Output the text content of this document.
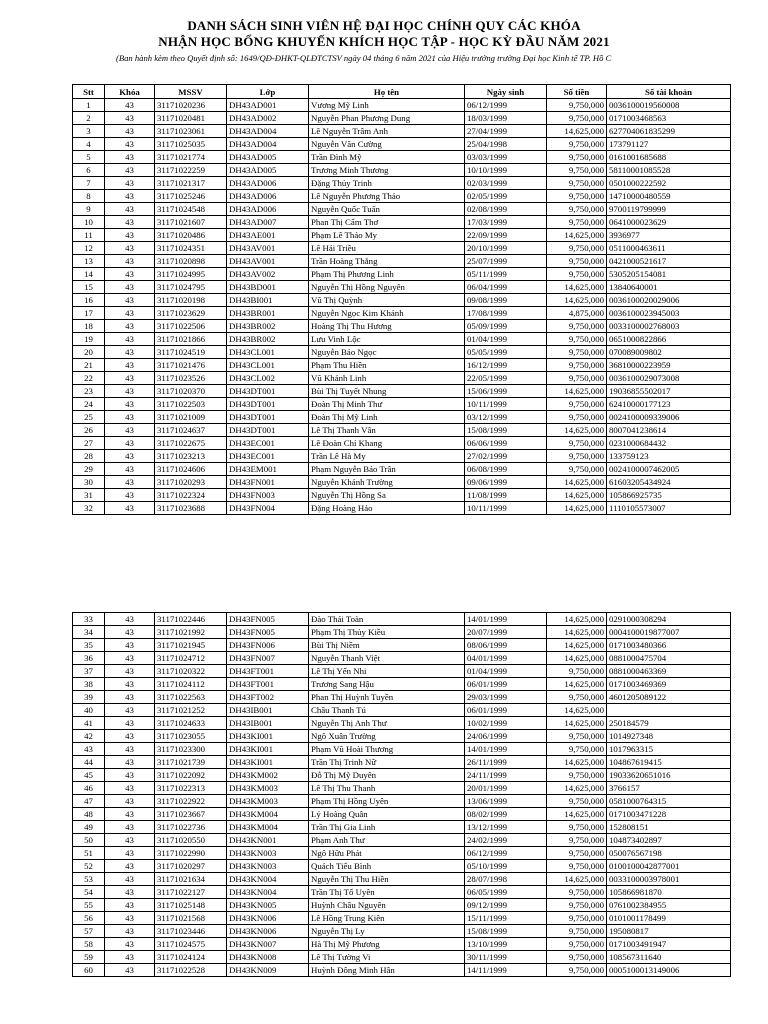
DANH SÁCH SINH VIÊN HỆ ĐẠI HỌC CHÍNH QUY CÁC KHÓA
NHẬN HỌC BỔNG KHUYẾN KHÍCH HỌC TẬP - HỌC KỲ ĐẦU NĂM 2021
(Ban hành kèm theo Quyết định số: 1649/QĐ-ĐHKT-QLĐTCTSV ngày 04 tháng 6 năm 2021 của Hiệu trưởng trường Đại học Kinh tế TP. Hồ C
Stt	Khóa	MSSV	Lớp	Họ tên	Ngày sinh	Số tiền	Số tài khoản
1	43	31171020236	DH43AD001	Vương Mỹ Linh	06/12/1999	9,750,000	0036100019560008
2	43	31171020481	DH43AD002	Nguyễn Phan Phương Dung	18/03/1999	9,750,000	0171003468563
3	43	31171023061	DH43AD004	Lê Nguyễn Trâm Anh	27/04/1999	14,625,000	627704061835299
4	43	31171025035	DH43AD004	Nguyễn Văn Cường	25/04/1998	9,750,000	173791127
5	43	31171021774	DH43AD005	Trần Đình Mỹ	03/03/1999	9,750,000	0161001685688
6	43	31171022259	DH43AD005	Trương Minh Thương	10/10/1999	9,750,000	58110001085528
7	43	31171021317	DH43AD006	Đặng Thủy Trinh	02/03/1999	9,750,000	0501000222592
8	43	31171025246	DH43AD006	Lê Nguyễn Phương Thảo	02/05/1999	9,750,000	14710000480559
9	43	31171024548	DH43AD006	Nguyễn Quốc Tuấn	02/08/1999	9,750,000	9700119799999
10	43	31171021607	DH43AD007	Phan Thị Cẩm Thơ	17/03/1999	9,750,000	0641000023629
11	43	31171020486	DH43AE001	Phạm Lê Thảo My	22/09/1999	14,625,000	3936977
12	43	31171024351	DH43AV001	Lê Hải Triều	20/10/1999	9,750,000	0511000463611
13	43	31171020898	DH43AV001	Trần Hoàng Thắng	25/07/1999	9,750,000	0421000521617
14	43	31171024995	DH43AV002	Phạm Thị Phương Linh	05/11/1999	9,750,000	5305205154081
15	43	31171024795	DH43BD001	Nguyễn Thị Hồng Nguyên	06/04/1999	14,625,000	13840640001
16	43	31171020198	DH43BI001	Vũ Thị Quỳnh	09/08/1999	14,625,000	0036100020029006
17	43	31171023629	DH43BR001	Nguyễn Ngọc Kim Khánh	17/08/1999	4,875,000	0036100023945003
18	43	31171022506	DH43BR002	Hoàng Thị Thu Hương	05/09/1999	9,750,000	0033100002768003
19	43	31171021866	DH43BR002	Lưu Vinh Lộc	01/04/1999	9,750,000	0651000822866
20	43	31171024519	DH43CL001	Nguyễn Bảo Ngọc	05/05/1999	9,750,000	070089009802
21	43	31171021476	DH43CL001	Phạm Thu Hiền	16/12/1999	9,750,000	36810000223959
22	43	31171023526	DH43CL002	Vũ Khánh Linh	22/05/1999	9,750,000	0036100029073008
23	43	31171020370	DH43DT001	Bùi Thị Tuyết Nhung	15/06/1999	14,625,000	19036855502017
24	43	31171022503	DH43DT001	Đoàn Thị Minh Thư	10/11/1999	9,750,000	62410000177123
25	43	31171021009	DH43DT001	Đoàn Thị Mỹ Linh	03/12/1999	9,750,000	0024100009339006
26	43	31171024637	DH43DT001	Lê Thị Thanh Vân	15/08/1999	14,625,000	8007041238614
27	43	31171022675	DH43EC001	Lê Đoàn Chí Khang	06/06/1999	9,750,000	0231000684432
28	43	31171023213	DH43EC001	Trần Lê Hà My	27/02/1999	9,750,000	133759123
29	43	31171024606	DH43EM001	Phạm Nguyễn Bảo Trân	06/08/1999	9,750,000	0024100007462005
30	43	31171020293	DH43FN001	Nguyễn Khánh Trường	09/06/1999	14,625,000	61603205434924
31	43	31171022324	DH43FN003	Nguyễn Thị Hồng Sa	11/08/1999	14,625,000	105866925735
32	43	31171023688	DH43FN004	Đặng Hoàng Hảo	10/11/1999	14,625,000	1110105573007
33	43	31171022446	DH43FN005	Đào Thái Toàn	14/01/1999	14,625,000	0291000308294
34	43	31171021992	DH43FN005	Phạm Thị Thủy Kiều	20/07/1999	14,625,000	0004100019877007
35	43	31171021945	DH43FN006	Bùi Thị Niềm	08/06/1999	14,625,000	0171003480366
36	43	31171024712	DH43FN007	Nguyễn Thanh Việt	04/01/1999	14,625,000	0881000475704
37	43	31171020322	DH43FT001	Lê Thị Yến Nhi	01/04/1999	9,750,000	0881000463369
38	43	31171024112	DH43FT001	Trương Sang Hậu	06/01/1999	14,625,000	0171003469369
39	43	31171022563	DH43FT002	Phan Thị Huỳnh Tuyền	29/03/1999	9,750,000	4601205089122
40	43	31171021252	DH43IB001	Châu Thanh Tú	06/01/1999	14,625,000	
41	43	31171024633	DH43IB001	Nguyễn Thị Anh Thư	10/02/1999	14,625,000	250184579
42	43	31171023055	DH43KI001	Ngô Xuân Trường	24/06/1999	9,750,000	1014927348
43	43	31171023300	DH43KI001	Phạm Vũ Hoài Thương	14/01/1999	9,750,000	1017963315
44	43	31171021739	DH43KI001	Trần Thị Trinh Nữ	26/11/1999	14,625,000	104867619415
45	43	31171022092	DH43KM002	Đỗ Thị Mỹ Duyên	24/11/1999	9,750,000	19033620651016
46	43	31171022313	DH43KM003	Lê Thị Thu Thanh	20/01/1999	14,625,000	3766157
47	43	31171022922	DH43KM003	Phạm Thị Hồng Uyên	13/06/1999	9,750,000	0581000764315
48	43	31171023667	DH43KM004	Lý Hoàng Quân	08/02/1999	14,625,000	0171003471228
49	43	31171022736	DH43KM004	Trần Thị Gia Linh	13/12/1999	9,750,000	152808151
50	43	31171020550	DH43KN001	Phạm Anh Thư	24/02/1999	9,750,000	104873402897
51	43	31171022990	DH43KN003	Ngô Hữu Phát	06/12/1999	9,750,000	050076567198
52	43	31171020297	DH43KN003	Quách Tiểu Bình	05/10/1999	9,750,000	0100100042877001
53	43	31171021634	DH43KN004	Nguyễn Thị Thu Hiền	28/07/1998	14,625,000	0033100003978001
54	43	31171022127	DH43KN004	Trần Thị Tố Uyên	06/05/1999	9,750,000	105866981870
55	43	31171025148	DH43KN005	Huỳnh Châu Nguyên	09/12/1999	9,750,000	0761002384955
56	43	31171021568	DH43KN006	Lê Hồng Trung Kiên	15/11/1999	9,750,000	0101001178499
57	43	31171023446	DH43KN006	Nguyễn Thị Ly	15/08/1999	9,750,000	195080817
58	43	31171024575	DH43KN007	Hà Thị Mỹ Phương	13/10/1999	9,750,000	0171003491947
59	43	31171024124	DH43KN008	Lê Thị Tường Vi	30/11/1999	9,750,000	108567311640
60	43	31171022528	DH43KN009	Huỳnh Đông Minh Hân	14/11/1999	9,750,000	0005100013149006
